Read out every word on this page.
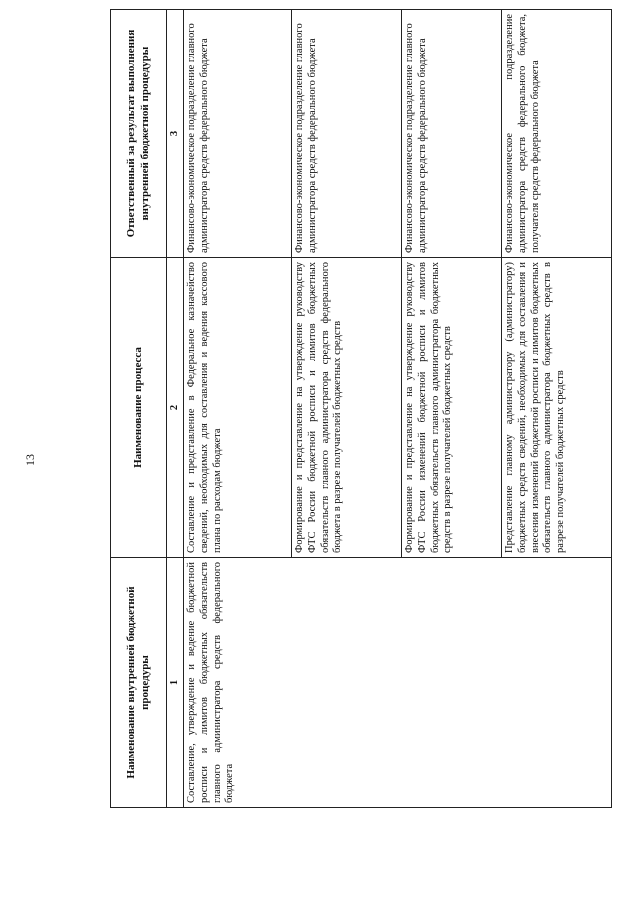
13
Наименование внутренней бюджетной процедуры	Наименование процесса	Ответственный за результат выполнения внутренней бюджетной процедуры
1	2	3
Составление, утверждение и ведение бюджетной росписи и лимитов бюджетных обязательств главного администратора средств федерального бюджета	Составление и представление в Федеральное казначейство сведений, необходимых для составления и ведения кассового плана по расходам бюджета	Финансово-экономическое подразделение главного администратора средств федерального бюджета
	Формирование и представление на утверждение руководству ФТС России бюджетной росписи и лимитов бюджетных обязательств главного администратора средств федерального бюджета в разрезе получателей бюджетных средств	Финансово-экономическое подразделение главного администратора средств федерального бюджета
	Формирование и представление на утверждение руководству ФТС России изменений бюджетной росписи и лимитов бюджетных обязательств главного администратора бюджетных средств в разрезе получателей бюджетных средств	Финансово-экономическое подразделение главного администратора средств федерального бюджета
	Представление главному администратору (администратору) бюджетных средств сведений, необходимых для составления и внесения изменений бюджетной росписи и лимитов бюджетных обязательств главного администратора бюджетных средств в разрезе получателей бюджетных средств	Финансово-экономическое подразделение администратора средств федерального бюджета, получателя средств федерального бюджета
